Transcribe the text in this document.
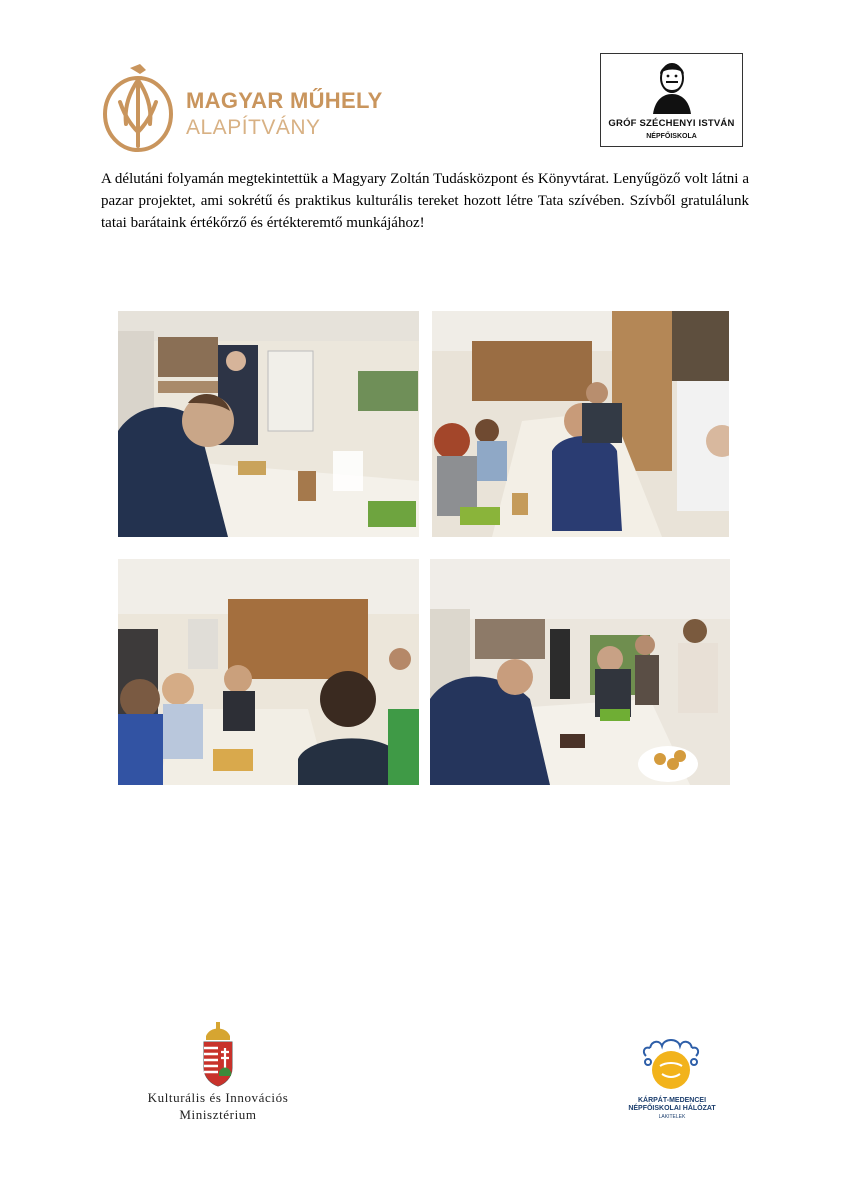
MAGYAR MŰHELY
ALAPÍTVÁNY	GRÓF SZÉCHENYI ISTVÁN
NÉPFŐISKOLA

A délutáni folyamán megtekintettük a Magyary Zoltán Tudásközpont és Könyvtárat. Lenyűgöző volt látni a pazar projektet, ami sokrétű és praktikus kulturális tereket hozott létre Tata szívében. Szívből gratulálunk tatai barátaink értékőrző és értékteremtő munkájához!

Kulturális és Innovációs
Minisztérium
KÁRPÁT-MEDENCEI
NÉPFŐISKOLAI HÁLÓZAT
LAKITELEK
